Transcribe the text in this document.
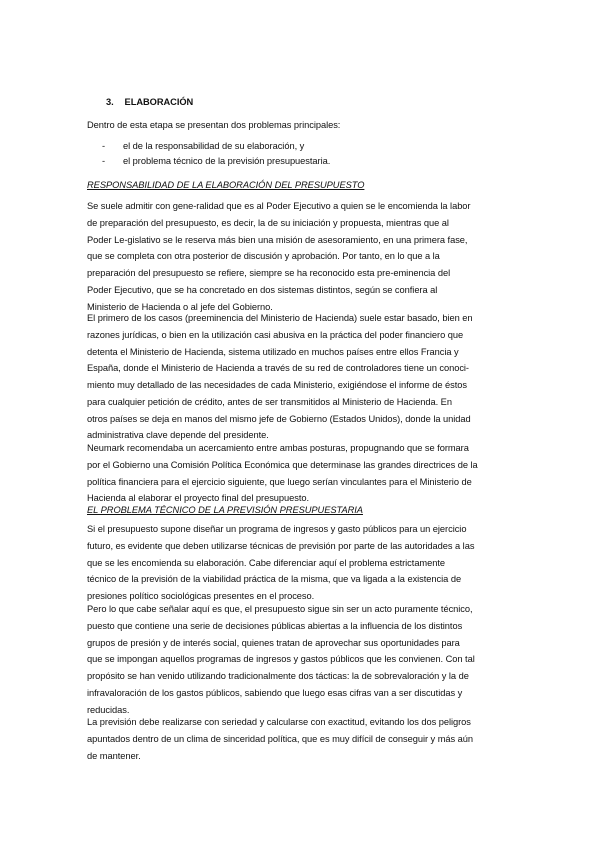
3. ELABORACIÓN
Dentro de esta etapa se presentan dos problemas principales:
- el de la responsabilidad de su elaboración, y
- el problema técnico de la previsión presupuestaria.
RESPONSABILIDAD DE LA ELABORACIÓN DEL PRESUPUESTO
Se suele admitir con gene-ralidad que es al Poder Ejecutivo a quien se le encomienda la labor
de preparación del presupuesto, es decir, la de su iniciación y propuesta, mientras que al
Poder Le-gislativo se le reserva más bien una misión de asesoramiento, en una primera fase,
que se completa con otra posterior de discusión y aprobación. Por tanto, en lo que a la
preparación del presupuesto se refiere, siempre se ha reconocido esta pre-eminencia del
Poder Ejecutivo, que se ha concretado en dos sistemas distintos, según se confiera al
Ministerio de Hacienda o al jefe del Gobierno.
El primero de los casos (preeminencia del Ministerio de Hacienda) suele estar basado, bien en
razones jurídicas, o bien en la utilización casi abusiva en la práctica del poder financiero que
detenta el Ministerio de Hacienda, sistema utilizado en muchos países entre ellos Francia y
España, donde el Ministerio de Hacienda a través de su red de controladores tiene un conoci-
miento muy detallado de las necesidades de cada Ministerio, exigiéndose el informe de éstos
para cualquier petición de crédito, antes de ser transmitidos al Ministerio de Hacienda. En
otros países se deja en manos del mismo jefe de Gobierno (Estados Unidos), donde la unidad
administrativa clave depende del presidente.
Neumark recomendaba un acercamiento entre ambas posturas, propugnando que se formara
por el Gobierno una Comisión Política Económica que determinase las grandes directrices de la
política financiera para el ejercicio siguiente, que luego serían vinculantes para el Ministerio de
Hacienda al elaborar el proyecto final del presupuesto.
EL PROBLEMA TÉCNICO DE LA PREVISIÓN PRESUPUESTARIA
Si el presupuesto supone diseñar un programa de ingresos y gasto públicos para un ejercicio
futuro, es evidente que deben utilizarse técnicas de previsión por parte de las autoridades a las
que se les encomienda su elaboración. Cabe diferenciar aquí el problema estrictamente
técnico de la previsión de la viabilidad práctica de la misma, que va ligada a la existencia de
presiones político sociológicas presentes en el proceso.
Pero lo que cabe señalar aquí es que, el presupuesto sigue sin ser un acto puramente técnico,
puesto que contiene una serie de decisiones públicas abiertas a la influencia de los distintos
grupos de presión y de interés social, quienes tratan de aprovechar sus oportunidades para
que se impongan aquellos programas de ingresos y gastos públicos que les convienen. Con tal
propósito se han venido utilizando tradicionalmente dos tácticas: la de sobrevaloración y la de
infravaloración de los gastos públicos, sabiendo que luego esas cifras van a ser discutidas y
reducidas.
La previsión debe realizarse con seriedad y calcularse con exactitud, evitando los dos peligros
apuntados dentro de un clima de sinceridad política, que es muy difícil de conseguir y más aún
de mantener.
